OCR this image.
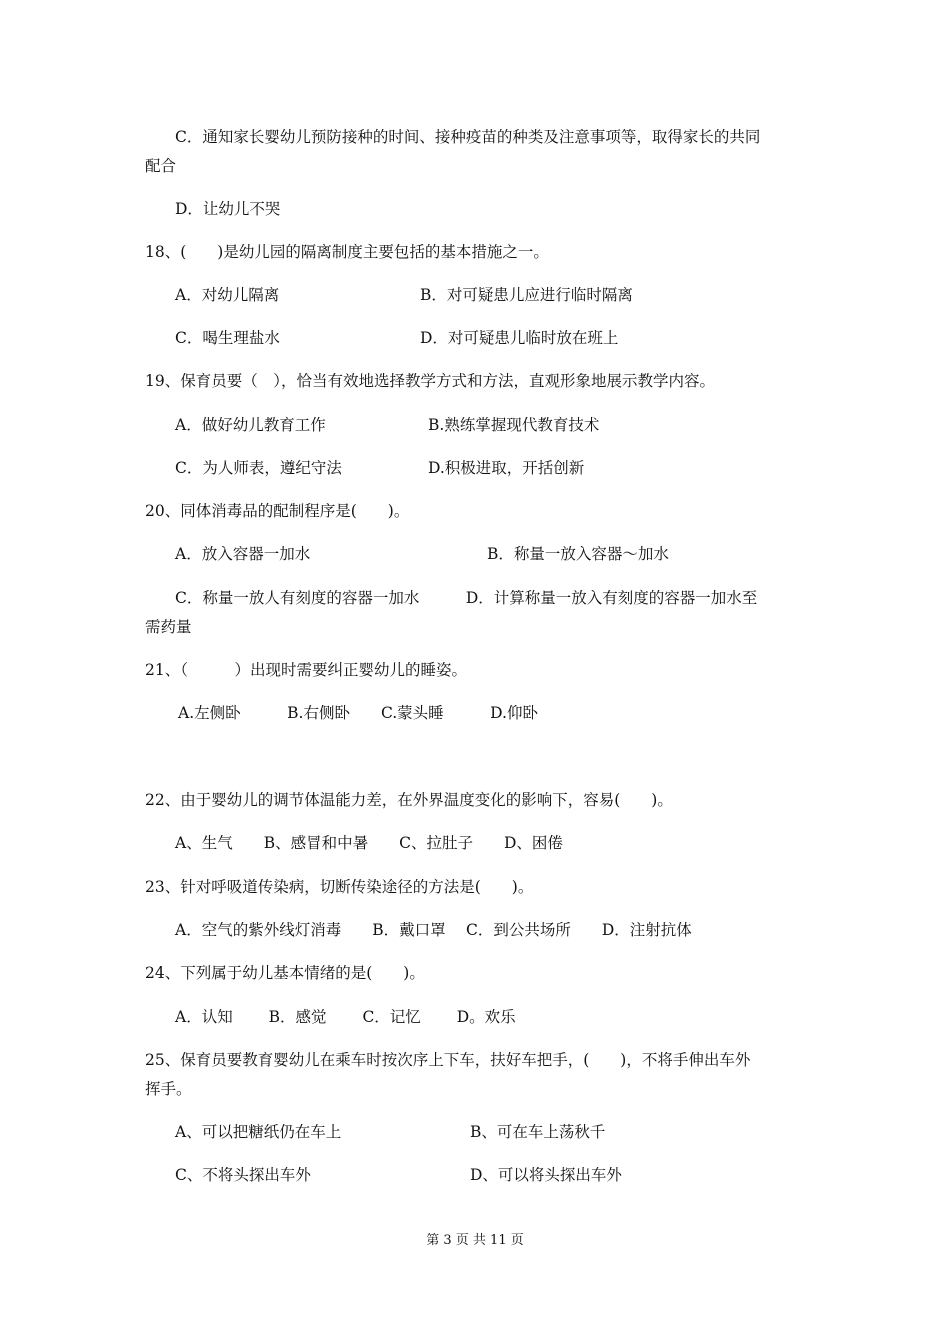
C．通知家长婴幼儿预防接种的时间、接种疫苗的种类及注意事项等，取得家长的共同
配合
D．让幼儿不哭
18、(　　)是幼儿园的隔离制度主要包括的基本措施之一。
A．对幼儿隔离	B．对可疑患儿应进行临时隔离
C．喝生理盐水	D．对可疑患儿临时放在班上
19、保育员要（　），恰当有效地选择教学方式和方法，直观形象地展示教学内容。
A．做好幼儿教育工作	B.熟练掌握现代教育技术
C．为人师表，遵纪守法	D.积极进取，开括创新
20、同体消毒品的配制程序是(　　)。
A．放入容器一加水	B．称量一放入容器～加水
C．称量一放人有刻度的容器一加水　　　D．计算称量一放入有刻度的容器一加水至
需药量
21、（　　　）出现时需要纠正婴幼儿的睡姿。
A.左侧卧　　　B.右侧卧　　C.蒙头睡　　　D.仰卧
22、由于婴幼儿的调节体温能力差，在外界温度变化的影响下，容易(　　)。
A、生气　　B、感冒和中暑　　C、拉肚子　　D、困倦
23、针对呼吸道传染病，切断传染途径的方法是(　　)。
A．空气的紫外线灯消毒　　B．戴口罩　 C．到公共场所　　D．注射抗体
24、下列属于幼儿基本情绪的是(　　)。
A．认知　　 B．感觉　　 C．记忆　　 D。欢乐
25、保育员要教育婴幼儿在乘车时按次序上下车，扶好车把手，(　　)，不将手伸出车外
挥手。
A、可以把糖纸仍在车上	B、可在车上荡秋千
C、不将头探出车外	D、可以将头探出车外
第 3 页 共 11 页
